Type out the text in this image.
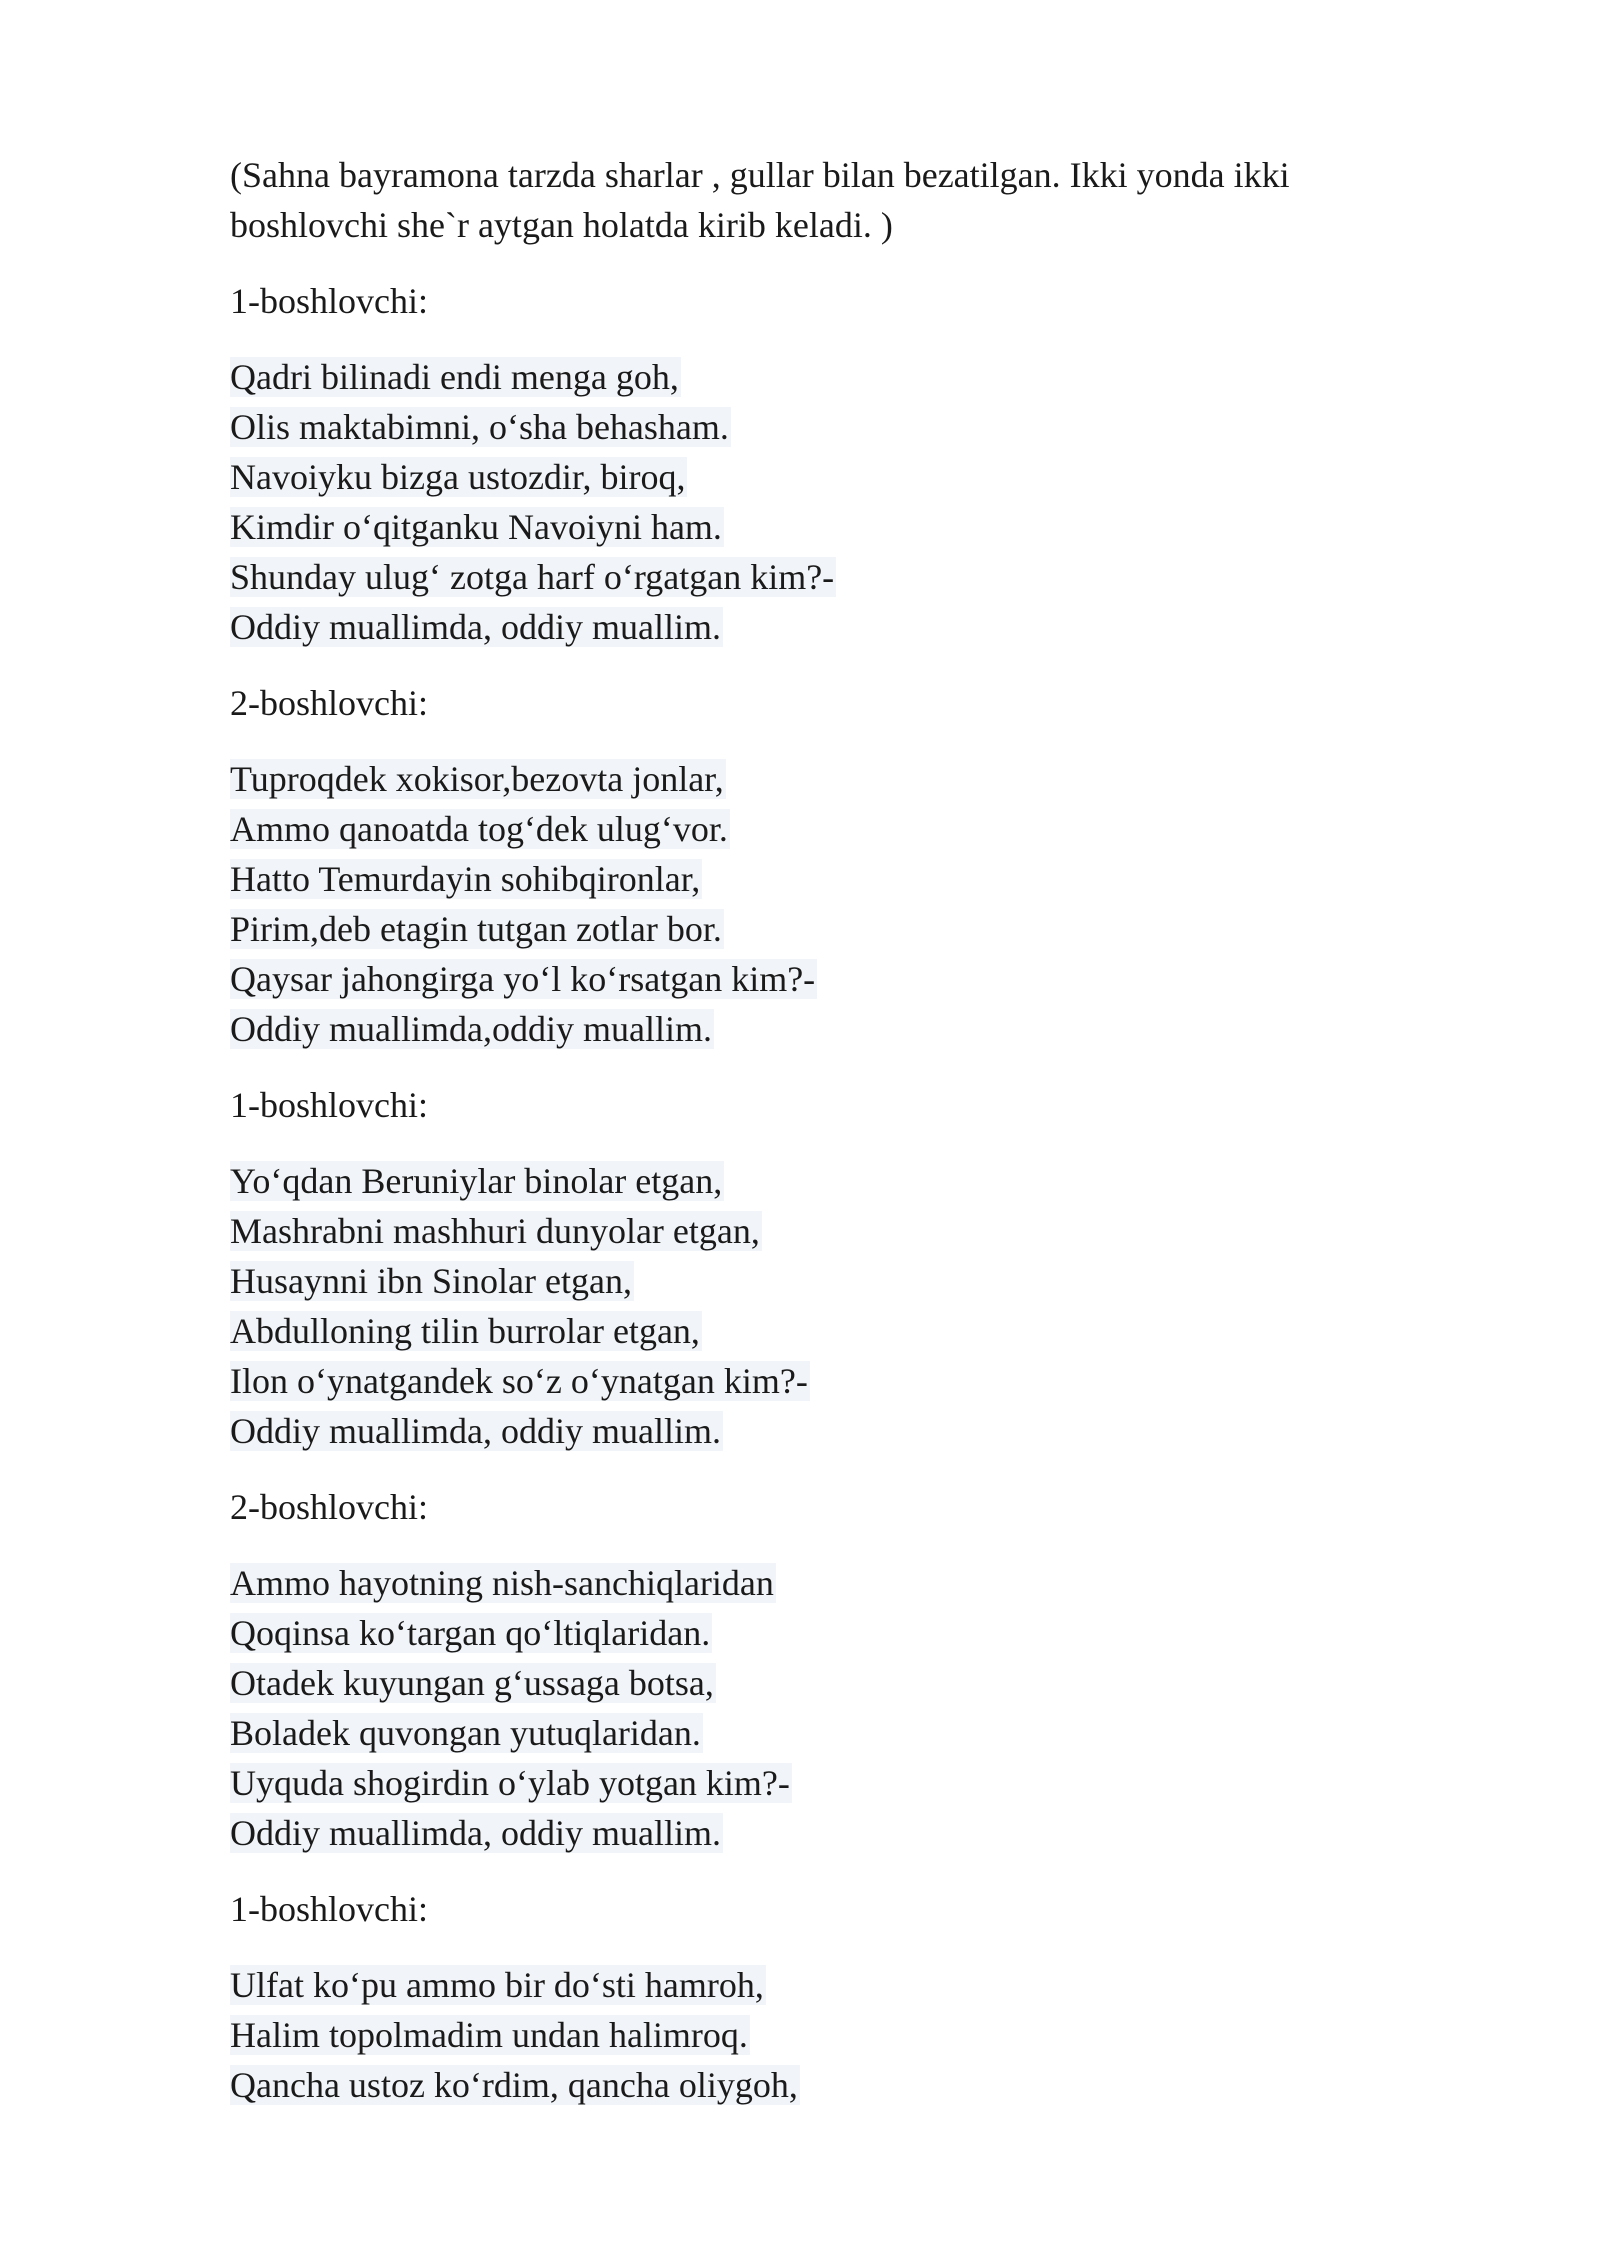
(Sahna bayramona tarzda sharlar , gullar bilan bezatilgan. Ikki yonda ikki boshlovchi she`r aytgan holatda kirib keladi. )

1-boshlovchi:

Qadri bilinadi endi menga goh,
Olis maktabimni, o‘sha behasham.
Navoiyku bizga ustozdir, biroq,
Kimdir o‘qitganku Navoiyni ham.
Shunday ulug‘ zotga harf o‘rgatgan kim?-
Oddiy muallimda, oddiy muallim.

2-boshlovchi:

Tuproqdek xokisor,bezovta jonlar,
Ammo qanoatda tog‘dek ulug‘vor.
Hatto Temurdayin sohibqironlar,
Pirim,deb etagin tutgan zotlar bor.
Qaysar jahongirga yo‘l ko‘rsatgan kim?-
Oddiy muallimda,oddiy muallim.

1-boshlovchi:

Yo‘qdan Beruniylar binolar etgan,
Mashrabni mashhuri dunyolar etgan,
Husaynni ibn Sinolar etgan,
Abdulloning tilin burrolar etgan,
Ilon o‘ynatgandek so‘z o‘ynatgan kim?-
Oddiy muallimda, oddiy muallim.

2-boshlovchi:

Ammo hayotning nish-sanchiqlaridan
Qoqinsa ko‘targan qo‘ltiqlaridan.
Otadek kuyungan g‘ussaga botsa,
Boladek quvongan yutuqlaridan.
Uyquda shogirdin o‘ylab yotgan kim?-
Oddiy muallimda, oddiy muallim.

1-boshlovchi:

Ulfat ko‘pu ammo bir do‘sti hamroh,
Halim topolmadim undan halimroq.
Qancha ustoz ko‘rdim, qancha oliygoh,
